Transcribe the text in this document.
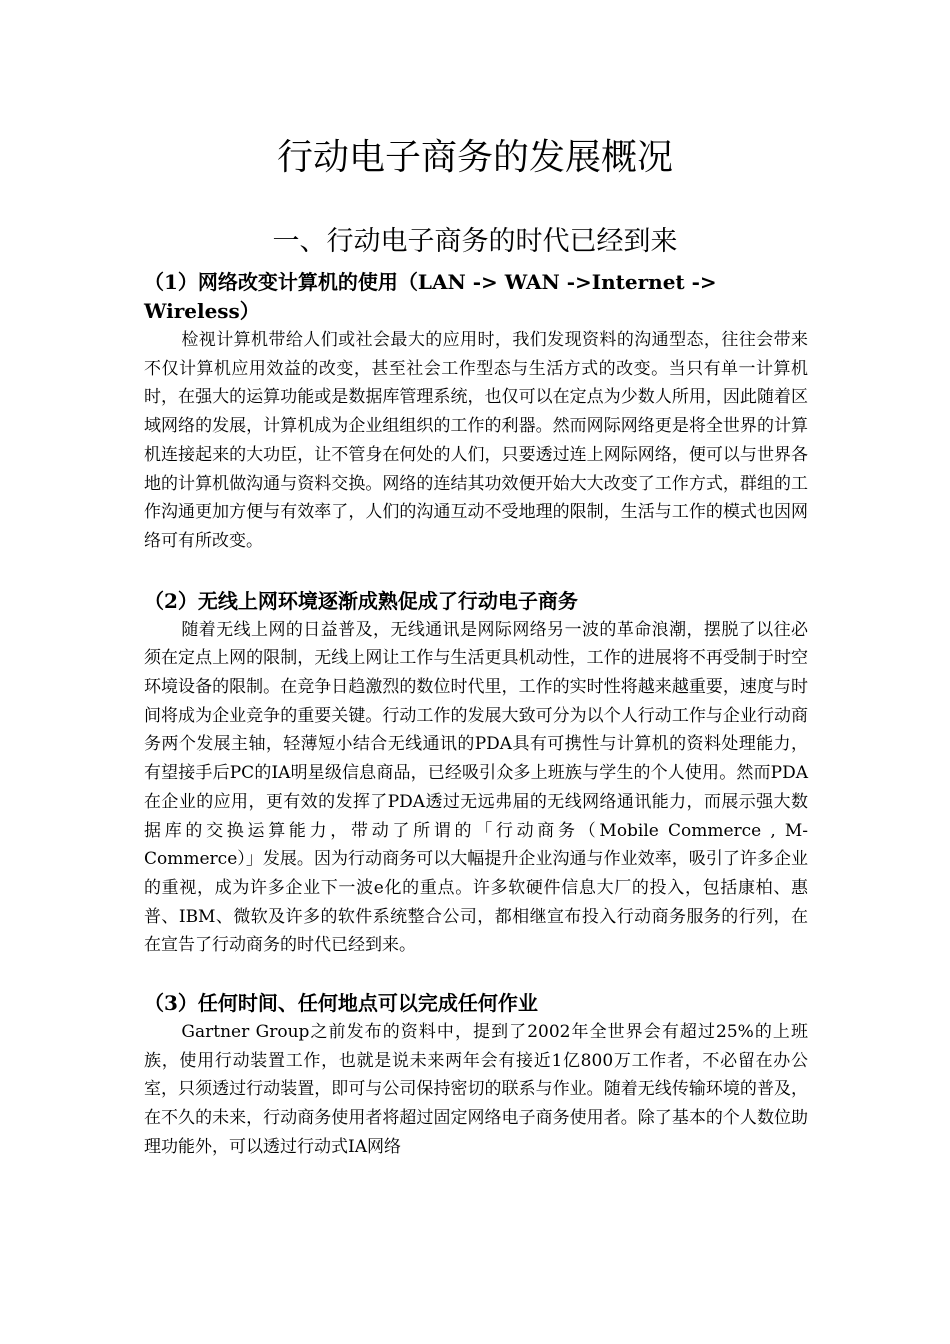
行动电子商务的发展概况
一、行动电子商务的时代已经到来
（1）网络改变计算机的使用（LAN -> WAN ->Internet -> Wireless）

检视计算机带给人们或社会最大的应用时，我们发现资料的沟通型态，往往会带来不仅计算机应用效益的改变，甚至社会工作型态与生活方式的改变。当只有单一计算机时，在强大的运算功能或是数据库管理系统，也仅可以在定点为少数人所用，因此随着区域网络的发展，计算机成为企业组组织的工作的利器。然而网际网络更是将全世界的计算机连接起来的大功臣，让不管身在何处的人们，只要透过连上网际网络，便可以与世界各地的计算机做沟通与资料交换。网络的连结其功效便开始大大改变了工作方式，群组的工作沟通更加方便与有效率了，人们的沟通互动不受地理的限制，生活与工作的模式也因网络可有所改变。

（2）无线上网环境逐渐成熟促成了行动电子商务

随着无线上网的日益普及，无线通讯是网际网络另一波的革命浪潮，摆脱了以往必须在定点上网的限制，无线上网让工作与生活更具机动性，工作的进展将不再受制于时空环境设备的限制。在竞争日趋激烈的数位时代里，工作的实时性将越来越重要，速度与时间将成为企业竞争的重要关键。行动工作的发展大致可分为以个人行动工作与企业行动商务两个发展主轴，轻薄短小结合无线通讯的PDA具有可携性与计算机的资料处理能力，有望接手后PC的IA明星级信息商品，已经吸引众多上班族与学生的个人使用。然而PDA在企业的应用，更有效的发挥了PDA透过无远弗届的无线网络通讯能力，而展示强大数据库的交换运算能力，带动了所谓的「行动商务（Mobile Commerce , M-Commerce）」发展。因为行动商务可以大幅提升企业沟通与作业效率，吸引了许多企业的重视，成为许多企业下一波e化的重点。许多软硬件信息大厂的投入，包括康柏、惠普、IBM、微软及许多的软件系统整合公司，都相继宣布投入行动商务服务的行列，在在宣告了行动商务的时代已经到来。

（3）任何时间、任何地点可以完成任何作业

Gartner Group之前发布的资料中，提到了2002年全世界会有超过25%的上班族，使用行动装置工作，也就是说未来两年会有接近1亿800万工作者，不必留在办公室，只须透过行动装置，即可与公司保持密切的联系与作业。随着无线传输环境的普及，在不久的未来，行动商务使用者将超过固定网络电子商务使用者。除了基本的个人数位助理功能外，可以透过行动式IA网络
